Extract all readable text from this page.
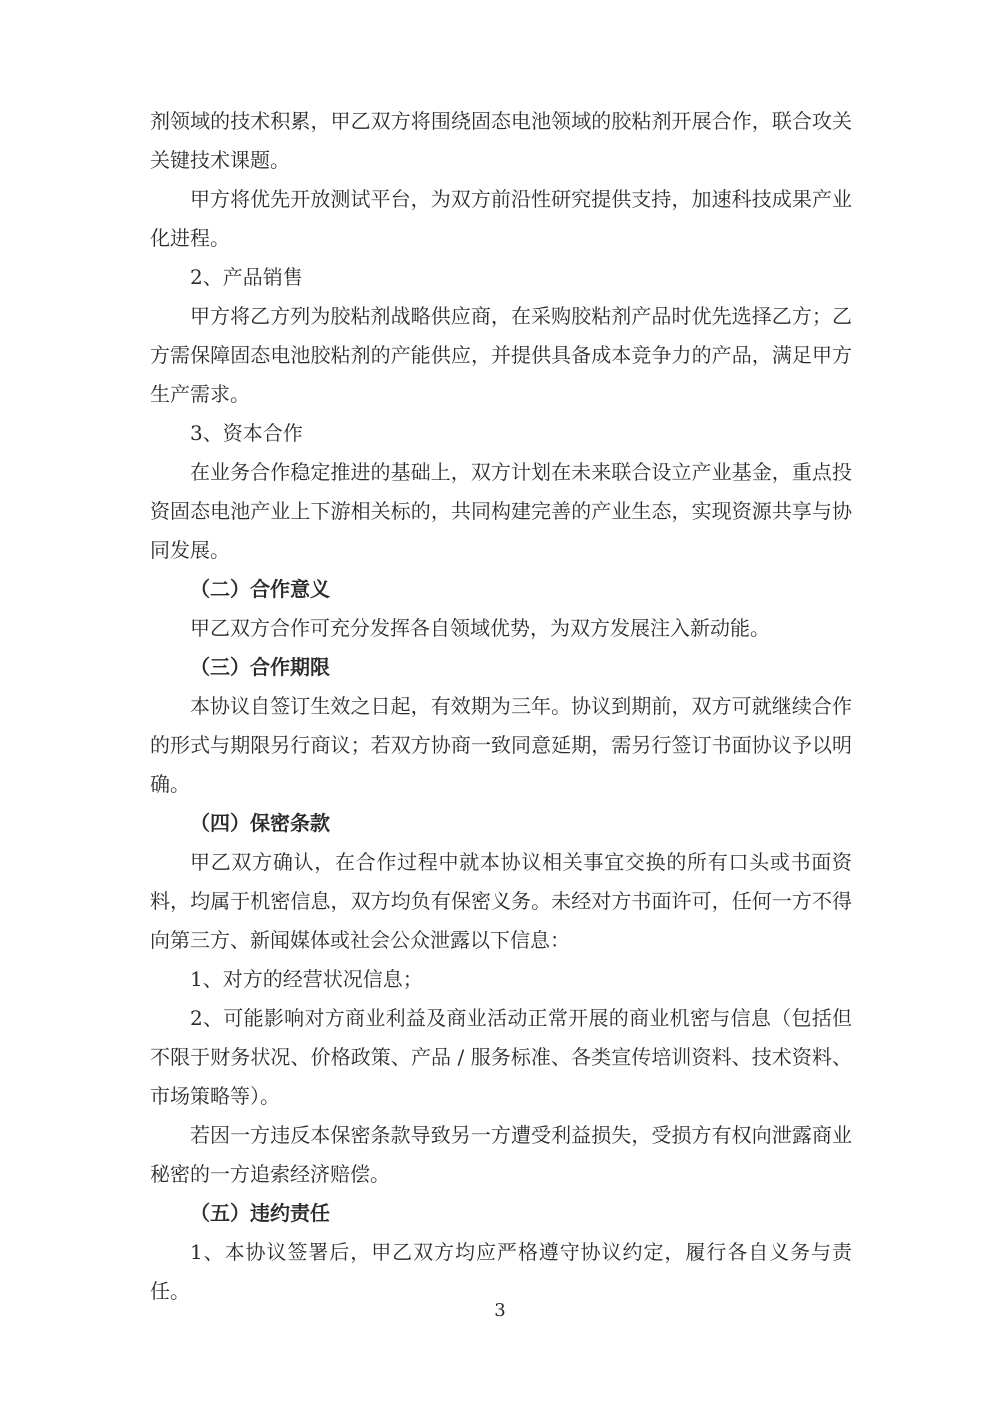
剂领域的技术积累，甲乙双方将围绕固态电池领域的胶粘剂开展合作，联合攻关关键技术课题。

甲方将优先开放测试平台，为双方前沿性研究提供支持，加速科技成果产业化进程。

2、产品销售

甲方将乙方列为胶粘剂战略供应商，在采购胶粘剂产品时优先选择乙方；乙方需保障固态电池胶粘剂的产能供应，并提供具备成本竞争力的产品，满足甲方生产需求。

3、资本合作

在业务合作稳定推进的基础上，双方计划在未来联合设立产业基金，重点投资固态电池产业上下游相关标的，共同构建完善的产业生态，实现资源共享与协同发展。

（二）合作意义

甲乙双方合作可充分发挥各自领域优势，为双方发展注入新动能。

（三）合作期限

本协议自签订生效之日起，有效期为三年。协议到期前，双方可就继续合作的形式与期限另行商议；若双方协商一致同意延期，需另行签订书面协议予以明确。

（四）保密条款

甲乙双方确认，在合作过程中就本协议相关事宜交换的所有口头或书面资料，均属于机密信息，双方均负有保密义务。未经对方书面许可，任何一方不得向第三方、新闻媒体或社会公众泄露以下信息：

1、对方的经营状况信息；

2、可能影响对方商业利益及商业活动正常开展的商业机密与信息（包括但不限于财务状况、价格政策、产品 / 服务标准、各类宣传培训资料、技术资料、市场策略等）。

若因一方违反本保密条款导致另一方遭受利益损失，受损方有权向泄露商业秘密的一方追索经济赔偿。

（五）违约责任

1、本协议签署后，甲乙双方均应严格遵守协议约定，履行各自义务与责任。

3
